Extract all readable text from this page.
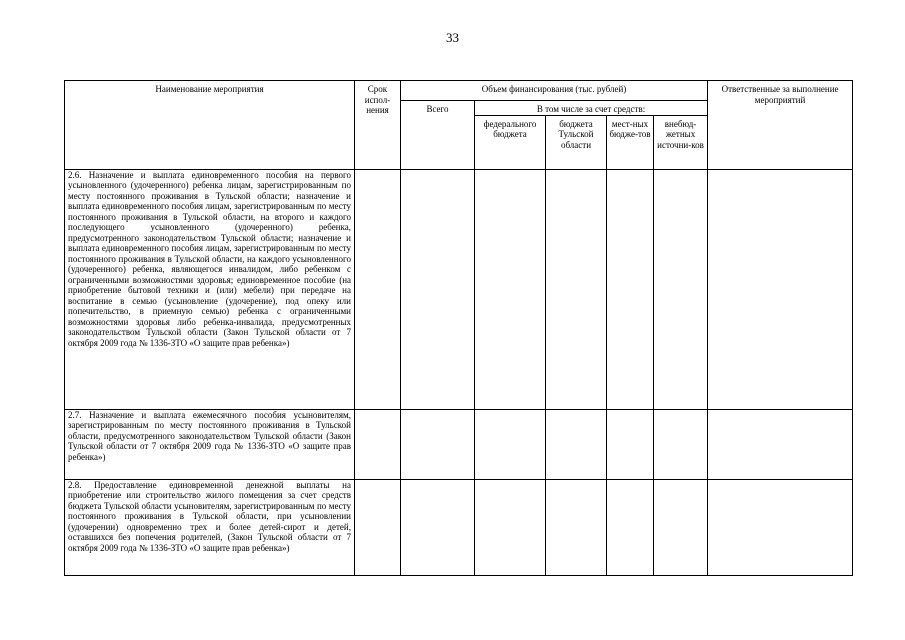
33
Наименование мероприятия	Срок испол-нения	Объем финансирования (тыс. рублей)					Ответственные за выполнение мероприятий
		Всего	В том числе за счет средств:				
			федерального бюджета	бюджета Тульской области	мест-ных бюдже-тов	внебюд-жетных источни-ков	
2.6. Назначение и выплата единовременного пособия на первого усыновленного (удочеренного) ребенка лицам, зарегистрированным по месту постоянного проживания в Тульской области; назначение и выплата единовременного пособия лицам, зарегистрированным по месту постоянного проживания в Тульской области, на второго и каждого последующего усыновленного (удочеренного) ребенка, предусмотренного законодательством Тульской области; назначение и выплата единовременного пособия лицам, зарегистрированным по месту постоянного проживания в Тульской области, на каждого усыновленного (удочеренного) ребенка, являющегося инвалидом, либо ребенком с ограниченными возможностями здоровья; единовременное пособие (на приобретение бытовой техники и (или) мебели) при передаче на воспитание в семью (усыновление (удочерение), под опеку или попечительство, в приемную семью) ребенка с ограниченными возможностями здоровья либо ребенка-инвалида, предусмотренных законодательством Тульской области (Закон Тульской области от 7 октября 2009 года № 1336-ЗТО «О защите прав ребенка»)							
2.7. Назначение и выплата ежемесячного пособия усыновителям, зарегистрированным по месту постоянного проживания в Тульской области, предусмотренного законодательством Тульской области (Закон Тульской области от 7 октября 2009 года № 1336-ЗТО «О защите прав ребенка»)							
2.8. Предоставление единовременной денежной выплаты на приобретение или строительство жилого помещения за счет средств бюджета Тульской области усыновителям, зарегистрированным по месту постоянного проживания в Тульской области, при усыновлении (удочерении) одновременно трех и более детей-сирот и детей, оставшихся без попечения родителей, (Закон Тульской области от 7 октября 2009 года № 1336-ЗТО «О защите прав ребенка»)							
